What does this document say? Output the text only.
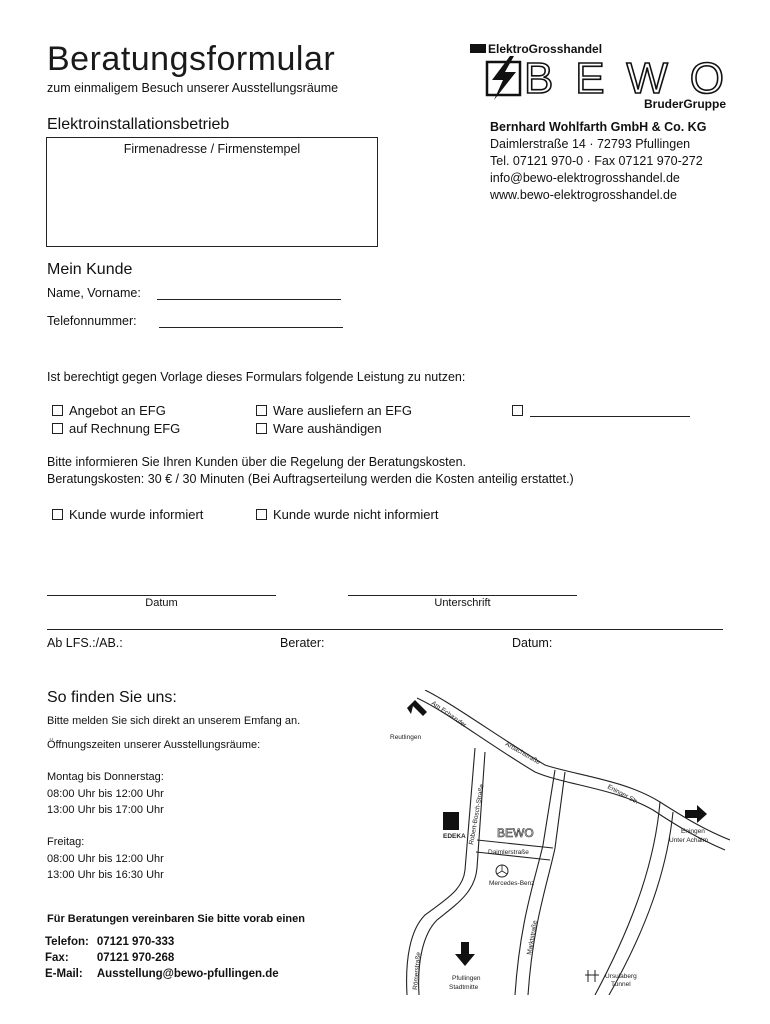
Beratungsformular
zum einmaligem Besuch unserer Ausstellungsräume
ElektroGrosshandel
BEWO
BruderGruppe
Bernhard Wohlfarth GmbH & Co. KG
Daimlerstraße 14 · 72793 Pfullingen
Tel. 07121 970-0 · Fax 07121 970-272
info@bewo-elektrogrosshandel.de
www.bewo-elektrogrosshandel.de
Elektroinstallationsbetrieb
Firmenadresse / Firmenstempel
Mein Kunde
Name, Vorname:
Telefonnummer:
Ist berechtigt gegen Vorlage dieses Formulars folgende Leistung zu nutzen:
Angebot an EFG
auf Rechnung EFG
Ware ausliefern an EFG
Ware aushändigen
Bitte informieren Sie Ihren Kunden über die Regelung der Beratungskosten.
Beratungskosten: 30 € / 30 Minuten (Bei Auftragserteilung werden die Kosten anteilig erstattet.)
Kunde wurde informiert	Kunde wurde nicht informiert
Datum	Unterschrift
Ab LFS.:/AB.:	Berater:	Datum:
So finden Sie uns:
Bitte melden Sie sich direkt an unserem Emfang an.
Öffnungszeiten unserer Ausstellungsräume:
Montag bis Donnerstag:
08:00 Uhr bis 12:00 Uhr
13:00 Uhr bis 17:00 Uhr
Freitag:
08:00 Uhr bis 12:00 Uhr
13:00 Uhr bis 16:30 Uhr
Für Beratungen vereinbaren Sie bitte vorab einen
Telefon:	07121 970-333
Fax:	07121 970-268
E-Mail:	Ausstellung@bewo-pfullingen.de
EDEKA	BEWO
Mercedes-Benz
Reutlingen
Eningen
Unter Achalm
Pfullingen
Stadtmitte
Daimlerstraße
Ursulaberg
Tunnel
Am Echazufer
Arbachstraße
Eninger Str.
Robert-Bosch-Straße
Marktstraße
Römerstraße
